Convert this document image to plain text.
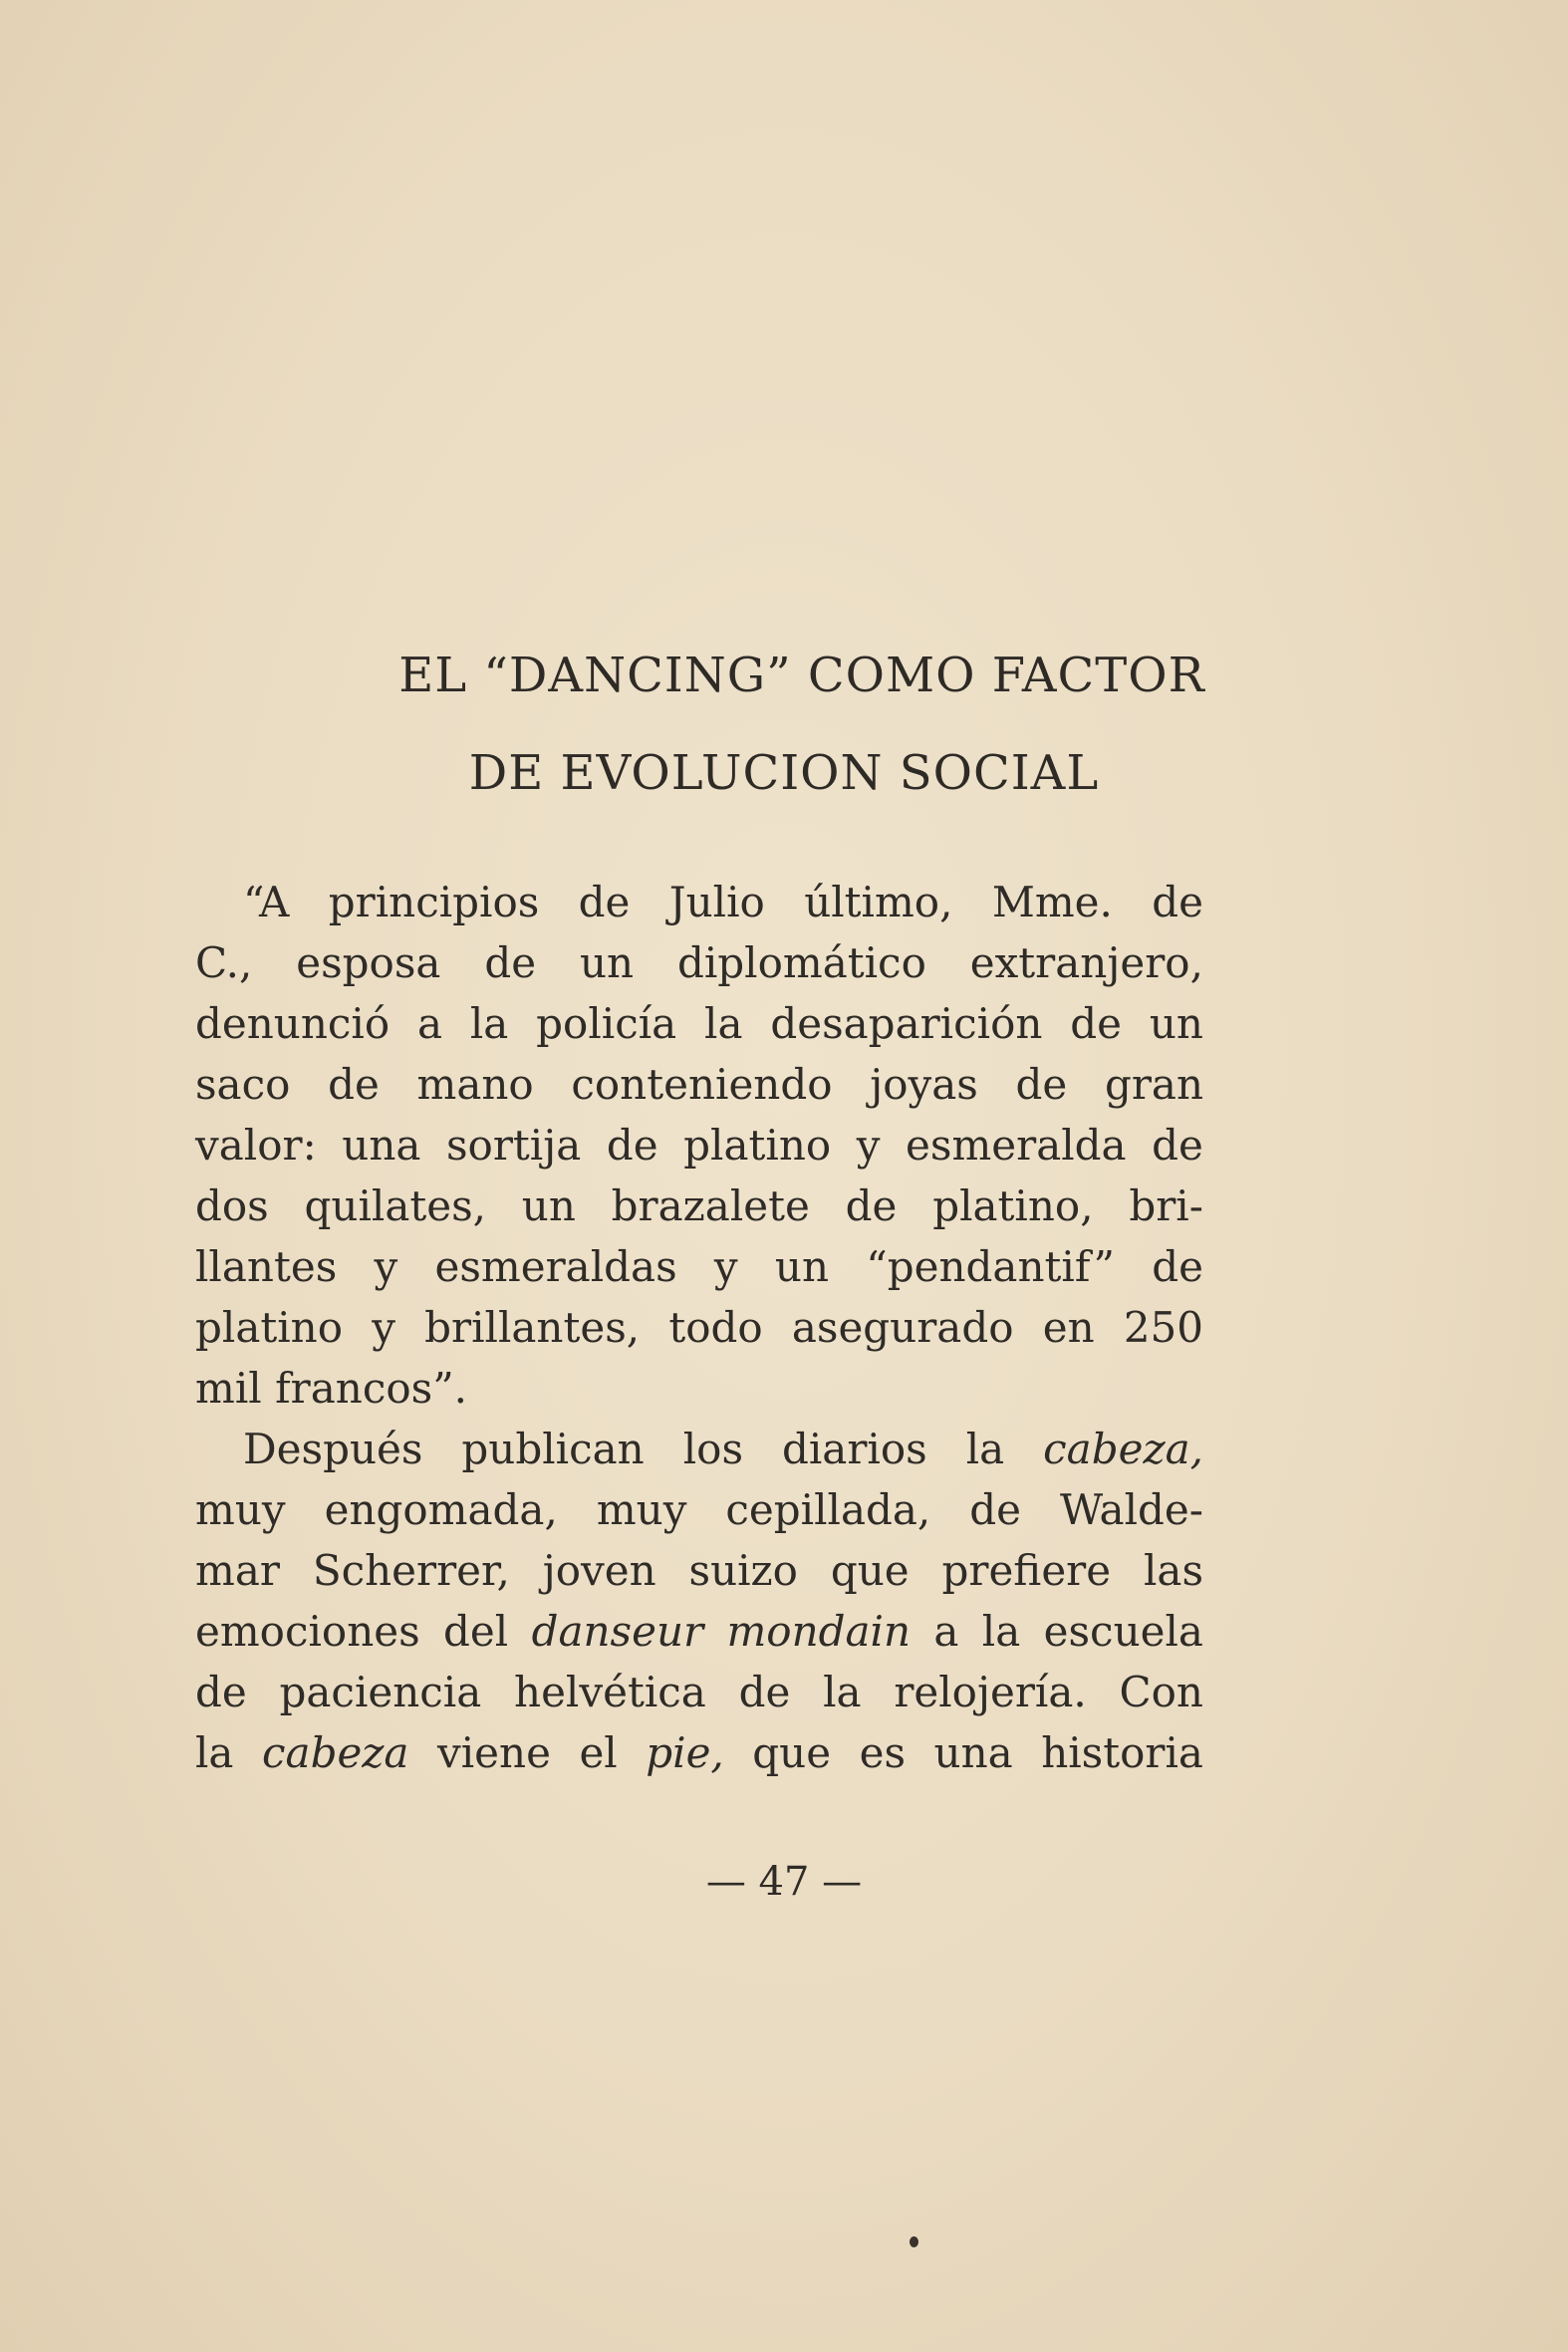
EL “DANCING” COMO FACTOR
DE EVOLUCION SOCIAL
“A principios de Julio último, Mme. de
C., esposa de un diplomático extranjero,
denunció a la policía la desaparición de un
saco de mano conteniendo joyas de gran
valor: una sortija de platino y esmeralda de
dos quilates, un brazalete de platino, bri-
llantes y esmeraldas y un “pendantif” de
platino y brillantes, todo asegurado en 250
mil francos”.
Después publican los diarios la cabeza,
muy engomada, muy cepillada, de Walde-
mar Scherrer, joven suizo que prefiere las
emociones del danseur mondain a la escuela
de paciencia helvética de la relojería. Con
la cabeza viene el pie, que es una historia
— 47 —
